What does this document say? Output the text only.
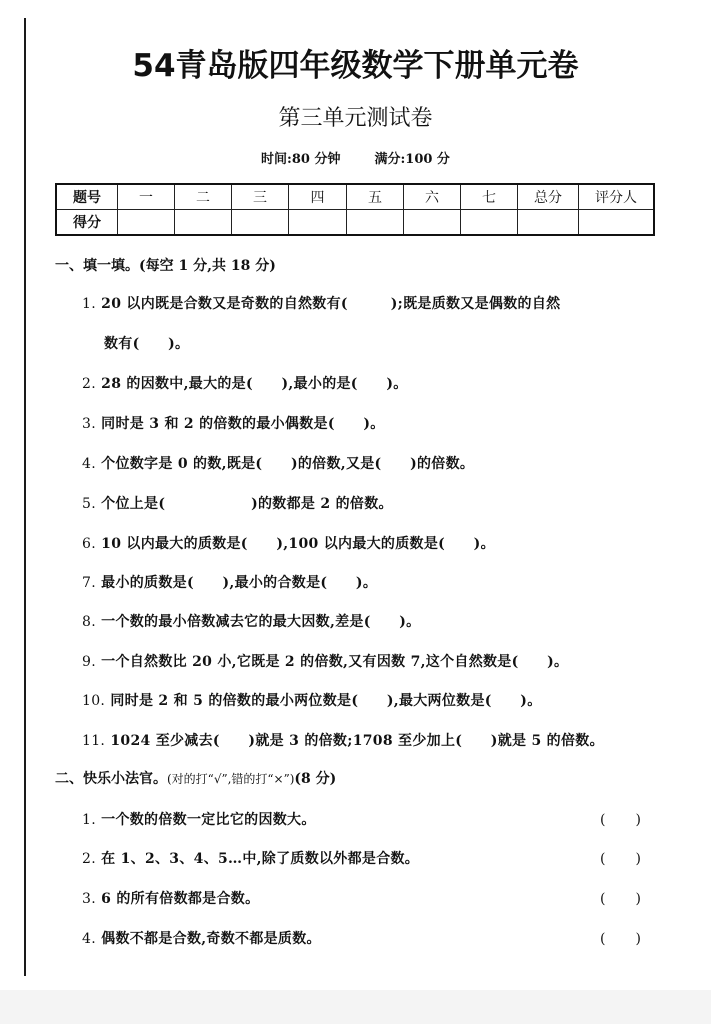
54青岛版四年级数学下册单元卷
第三单元测试卷
时间:80 分钟	满分:100 分
题号	一	二	三	四	五	六	七	总分	评分人
得分									
一、填一填。(每空 1 分,共 18 分)
1. 20 以内既是合数又是奇数的自然数有(　　　);既是质数又是偶数的自然
数有(　　)。
2. 28 的因数中,最大的是(　　),最小的是(　　)。
3. 同时是 3 和 2 的倍数的最小偶数是(　　)。
4. 个位数字是 0 的数,既是(　　)的倍数,又是(　　)的倍数。
5. 个位上是(　　　　　　)的数都是 2 的倍数。
6. 10 以内最大的质数是(　　),100 以内最大的质数是(　　)。
7. 最小的质数是(　　),最小的合数是(　　)。
8. 一个数的最小倍数减去它的最大因数,差是(　　)。
9. 一个自然数比 20 小,它既是 2 的倍数,又有因数 7,这个自然数是(　　)。
10. 同时是 2 和 5 的倍数的最小两位数是(　　),最大两位数是(　　)。
11. 1024 至少减去(　　)就是 3 的倍数;1708 至少加上(　　)就是 5 的倍数。
二、快乐小法官。(对的打“√”,错的打“×”)(8 分)
1. 一个数的倍数一定比它的因数大。	( )
2. 在 1、2、3、4、5…中,除了质数以外都是合数。	( )
3. 6 的所有倍数都是合数。	( )
4. 偶数不都是合数,奇数不都是质数。	( )
